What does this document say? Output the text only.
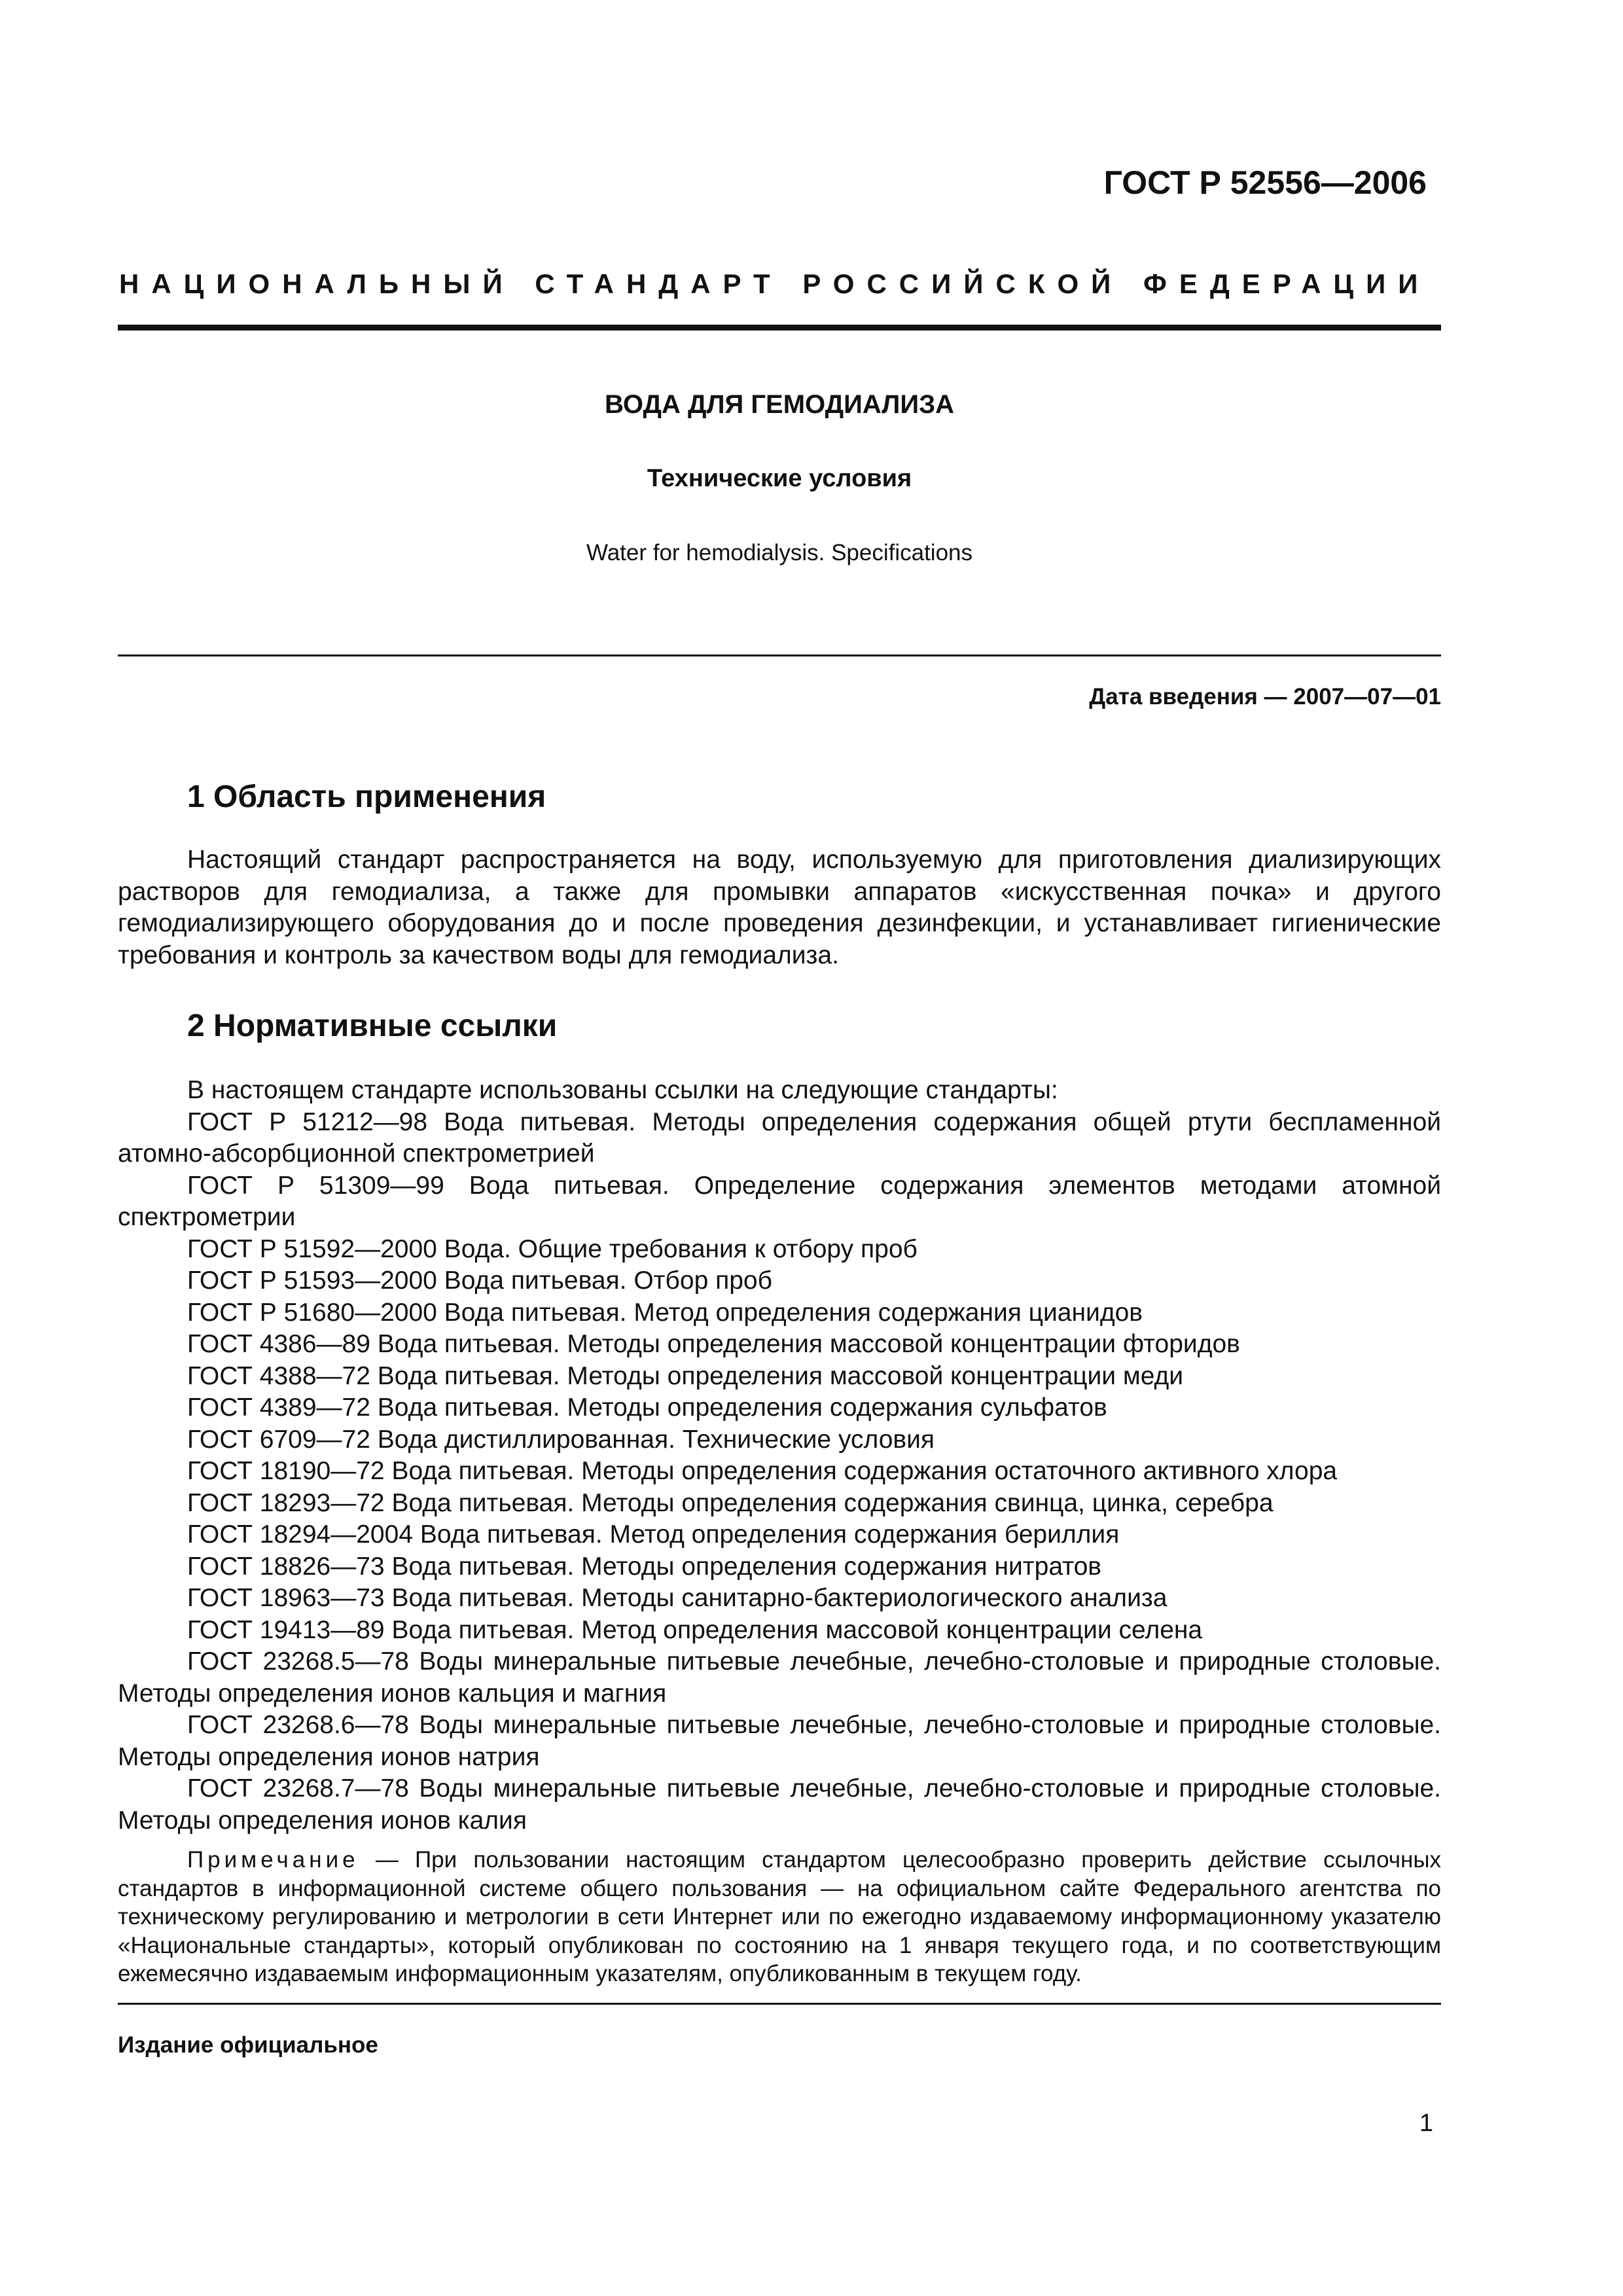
ГОСТ Р 52556—2006

НАЦИОНАЛЬНЫЙ СТАНДАРТ РОССИЙСКОЙ ФЕДЕРАЦИИ

ВОДА ДЛЯ ГЕМОДИАЛИЗА

Технические условия

Water for hemodialysis. Specifications

Дата введения — 2007—07—01

1 Область применения

Настоящий стандарт распространяется на воду, используемую для приготовления диализирующих растворов для гемодиализа, а также для промывки аппаратов «искусственная почка» и другого гемодиализирующего оборудования до и после проведения дезинфекции, и устанавливает гигиенические требования и контроль за качеством воды для гемодиализа.

2 Нормативные ссылки

В настоящем стандарте использованы ссылки на следующие стандарты:

ГОСТ Р 51212—98 Вода питьевая. Методы определения содержания общей ртути беспламенной атомно-абсорбционной спектрометрией

ГОСТ Р 51309—99 Вода питьевая. Определение содержания элементов методами атомной спектрометрии

ГОСТ Р 51592—2000 Вода. Общие требования к отбору проб

ГОСТ Р 51593—2000 Вода питьевая. Отбор проб

ГОСТ Р 51680—2000 Вода питьевая. Метод определения содержания цианидов

ГОСТ 4386—89 Вода питьевая. Методы определения массовой концентрации фторидов

ГОСТ 4388—72 Вода питьевая. Методы определения массовой концентрации меди

ГОСТ 4389—72 Вода питьевая. Методы определения содержания сульфатов

ГОСТ 6709—72 Вода дистиллированная. Технические условия

ГОСТ 18190—72 Вода питьевая. Методы определения содержания остаточного активного хлора

ГОСТ 18293—72 Вода питьевая. Методы определения содержания свинца, цинка, серебра

ГОСТ 18294—2004 Вода питьевая. Метод определения содержания бериллия

ГОСТ 18826—73 Вода питьевая. Методы определения содержания нитратов

ГОСТ 18963—73 Вода питьевая. Методы санитарно-бактериологического анализа

ГОСТ 19413—89 Вода питьевая. Метод определения массовой концентрации селена

ГОСТ 23268.5—78 Воды минеральные питьевые лечебные, лечебно-столовые и природные столовые. Методы определения ионов кальция и магния

ГОСТ 23268.6—78 Воды минеральные питьевые лечебные, лечебно-столовые и природные столовые. Методы определения ионов натрия

ГОСТ 23268.7—78 Воды минеральные питьевые лечебные, лечебно-столовые и природные столовые. Методы определения ионов калия

Примечание — При пользовании настоящим стандартом целесообразно проверить действие ссылочных стандартов в информационной системе общего пользования — на официальном сайте Федерального агентства по техническому регулированию и метрологии в сети Интернет или по ежегодно издаваемому информационному указателю «Национальные стандарты», который опубликован по состоянию на 1 января текущего года, и по соответствующим ежемесячно издаваемым информационным указателям, опубликованным в текущем году.

Издание официальное

1
